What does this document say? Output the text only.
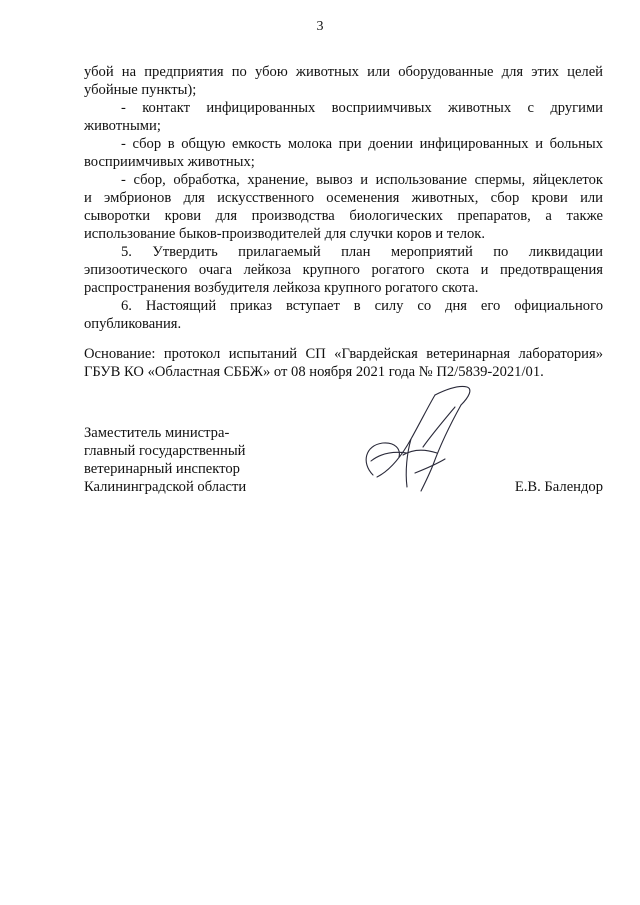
3
убой на предприятия по убою животных или оборудованные для этих целей
убойные пункты);
- контакт инфицированных восприимчивых животных с другими
животными;
- сбор в общую емкость молока при доении инфицированных и больных
восприимчивых животных;
- сбор, обработка, хранение, вывоз и использование спермы, яйцеклеток
и эмбрионов для искусственного осеменения животных, сбор крови или
сыворотки крови для производства биологических препаратов, а также
использование быков-производителей для случки коров и телок.
5. Утвердить прилагаемый план мероприятий по ликвидации
эпизоотического очага лейкоза крупного рогатого скота и предотвращения
распространения возбудителя лейкоза крупного рогатого скота.
6. Настоящий приказ вступает в силу со дня его официального
опубликования.
Основание: протокол испытаний СП «Гвардейская ветеринарная лаборатория»
ГБУВ КО «Областная СББЖ» от 08 ноября 2021 года № П2/5839-2021/01.
Заместитель министра-
главный государственный
ветеринарный инспектор
Калининградской области	Е.В. Балендор
